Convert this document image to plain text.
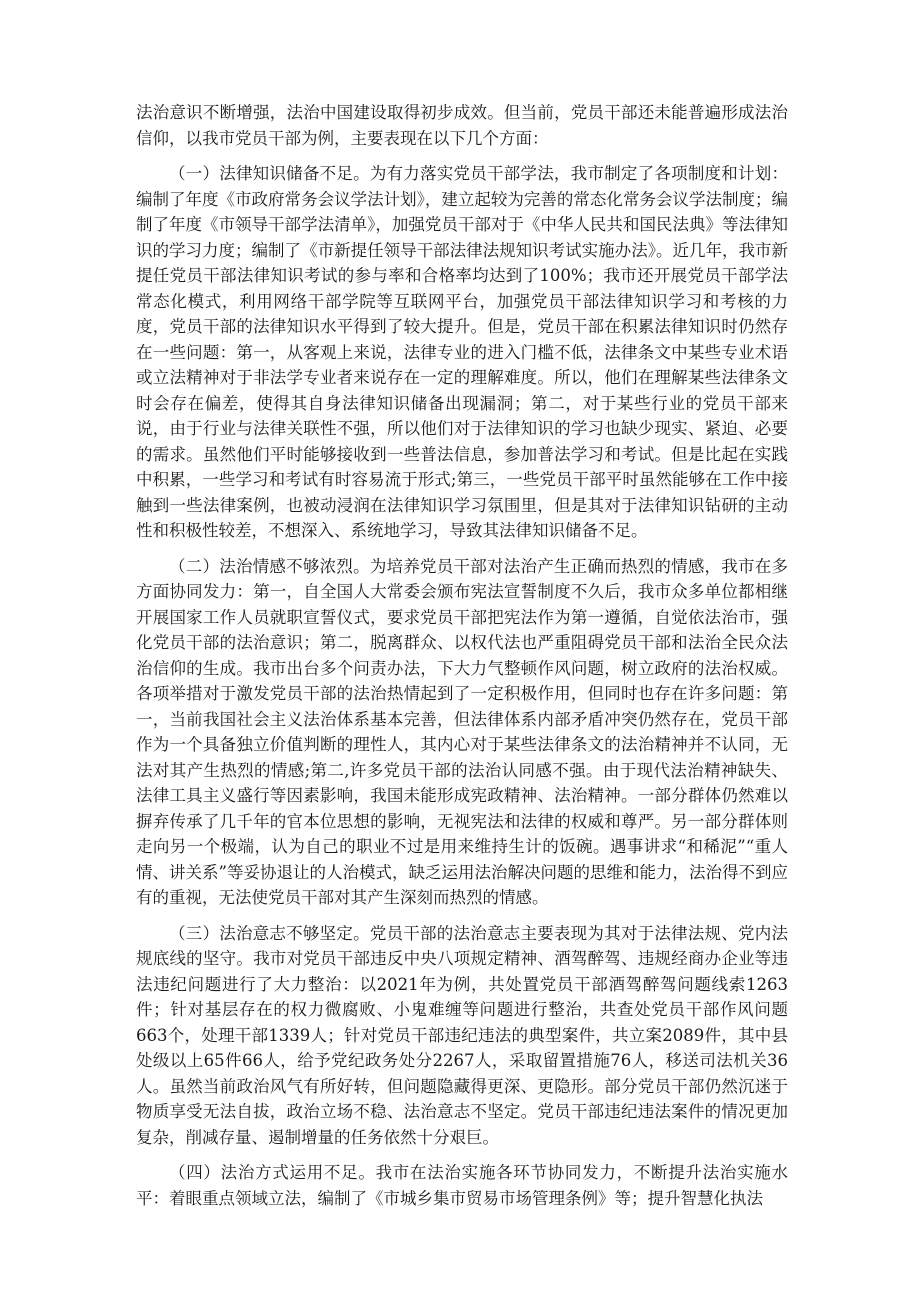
法治意识不断增强，法治中国建设取得初步成效。但当前，党员干部还未能普遍形成法治信仰，以我市党员干部为例，主要表现在以下几个方面：

（一）法律知识储备不足。为有力落实党员干部学法，我市制定了各项制度和计划：编制了年度《市政府常务会议学法计划》，建立起较为完善的常态化常务会议学法制度；编制了年度《市领导干部学法清单》，加强党员干部对于《中华人民共和国民法典》等法律知识的学习力度；编制了《市新提任领导干部法律法规知识考试实施办法》。近几年，我市新提任党员干部法律知识考试的参与率和合格率均达到了100%；我市还开展党员干部学法常态化模式，利用网络干部学院等互联网平台，加强党员干部法律知识学习和考核的力度，党员干部的法律知识水平得到了较大提升。但是，党员干部在积累法律知识时仍然存在一些问题：第一，从客观上来说，法律专业的进入门槛不低，法律条文中某些专业术语或立法精神对于非法学专业者来说存在一定的理解难度。所以，他们在理解某些法律条文时会存在偏差，使得其自身法律知识储备出现漏洞；第二，对于某些行业的党员干部来说，由于行业与法律关联性不强，所以他们对于法律知识的学习也缺少现实、紧迫、必要的需求。虽然他们平时能够接收到一些普法信息，参加普法学习和考试。但是比起在实践中积累，一些学习和考试有时容易流于形式;第三，一些党员干部平时虽然能够在工作中接触到一些法律案例，也被动浸润在法律知识学习氛围里，但是其对于法律知识钻研的主动性和积极性较差，不想深入、系统地学习，导致其法律知识储备不足。

（二）法治情感不够浓烈。为培养党员干部对法治产生正确而热烈的情感，我市在多方面协同发力：第一，自全国人大常委会颁布宪法宣誓制度不久后，我市众多单位都相继开展国家工作人员就职宣誓仪式，要求党员干部把宪法作为第一遵循，自觉依法治市，强化党员干部的法治意识；第二，脱离群众、以权代法也严重阻碍党员干部和法治全民众法治信仰的生成。我市出台多个问责办法，下大力气整顿作风问题，树立政府的法治权威。各项举措对于激发党员干部的法治热情起到了一定积极作用，但同时也存在许多问题：第一，当前我国社会主义法治体系基本完善，但法律体系内部矛盾冲突仍然存在，党员干部作为一个具备独立价值判断的理性人，其内心对于某些法律条文的法治精神并不认同，无法对其产生热烈的情感;第二,许多党员干部的法治认同感不强。由于现代法治精神缺失、法律工具主义盛行等因素影响，我国未能形成宪政精神、法治精神。一部分群体仍然难以摒弃传承了几千年的官本位思想的影响，无视宪法和法律的权威和尊严。另一部分群体则走向另一个极端，认为自己的职业不过是用来维持生计的饭碗。遇事讲求“和稀泥”“重人情、讲关系”等妥协退让的人治模式，缺乏运用法治解决问题的思维和能力，法治得不到应有的重视，无法使党员干部对其产生深刻而热烈的情感。

（三）法治意志不够坚定。党员干部的法治意志主要表现为其对于法律法规、党内法规底线的坚守。我市对党员干部违反中央八项规定精神、酒驾醉驾、违规经商办企业等违法违纪问题进行了大力整治：以2021年为例，共处置党员干部酒驾醉驾问题线索1263件；针对基层存在的权力微腐败、小鬼难缠等问题进行整治，共查处党员干部作风问题663个，处理干部1339人；针对党员干部违纪违法的典型案件，共立案2089件，其中县处级以上65件66人，给予党纪政务处分2267人，采取留置措施76人，移送司法机关36人。虽然当前政治风气有所好转，但问题隐藏得更深、更隐形。部分党员干部仍然沉迷于物质享受无法自拔，政治立场不稳、法治意志不坚定。党员干部违纪违法案件的情况更加复杂，削减存量、遏制增量的任务依然十分艰巨。

（四）法治方式运用不足。我市在法治实施各环节协同发力，不断提升法治实施水平：着眼重点领域立法，编制了《市城乡集市贸易市场管理条例》等；提升智慧化执法
